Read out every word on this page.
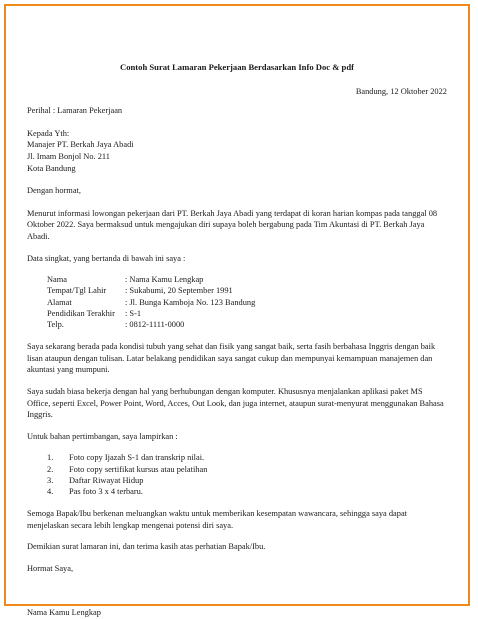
Contoh Surat Lamaran Pekerjaan Berdasarkan Info Doc & pdf

Bandung, 12 Oktober 2022

Perihal : Lamaran Pekerjaan

Kepada Yth:

Manajer PT. Berkah Jaya Abadi

Jl. Imam Bonjol No. 211

Kota Bandung

Dengan hormat,

Menurut informasi lowongan pekerjaan dari PT. Berkah Jaya Abadi yang terdapat di koran harian kompas pada tanggal 08 Oktober 2022. Saya bermaksud untuk mengajukan diri supaya boleh bergabung pada Tim Akuntasi di PT. Berkah Jaya Abadi.

Data singkat, yang bertanda di bawah ini saya :

Nama	: Nama Kamu Lengkap
Tempat/Tgl Lahir	: Sukabumi, 20 September 1991
Alamat	: Jl. Bunga Kamboja No. 123 Bandung
Pendidikan Terakhir	: S-1
Telp.	: 0812-1111-0000

Saya sekarang berada pada kondisi tubuh yang sehat dan fisik yang sangat baik, serta fasih berbahasa Inggris dengan baik lisan ataupun dengan tulisan. Latar belakang pendidikan saya sangat cukup dan mempunyai kemampuan manajemen dan akuntasi yang mumpuni.

Saya sudah biasa bekerja dengan hal yang berhubungan dengan komputer. Khususnya menjalankan aplikasi paket MS Office, seperti Excel, Power Point, Word, Acces, Out Look, dan juga internet, ataupun surat-menyurat menggunakan Bahasa Inggris.

Untuk bahan pertimbangan, saya lampirkan :

1. Foto copy Ijazah S-1 dan transkrip nilai.
2. Foto copy sertifikat kursus atau pelatihan
3. Daftar Riwayat Hidup
4. Pas foto 3 x 4 terbaru.

Semoga Bapak/Ibu berkenan meluangkan waktu untuk memberikan kesempatan wawancara, sehingga saya dapat menjelaskan secara lebih lengkap mengenai potensi diri saya.

Demikian surat lamaran ini, dan terima kasih atas perhatian Bapak/Ibu.

Hormat Saya,

Nama Kamu Lengkap
